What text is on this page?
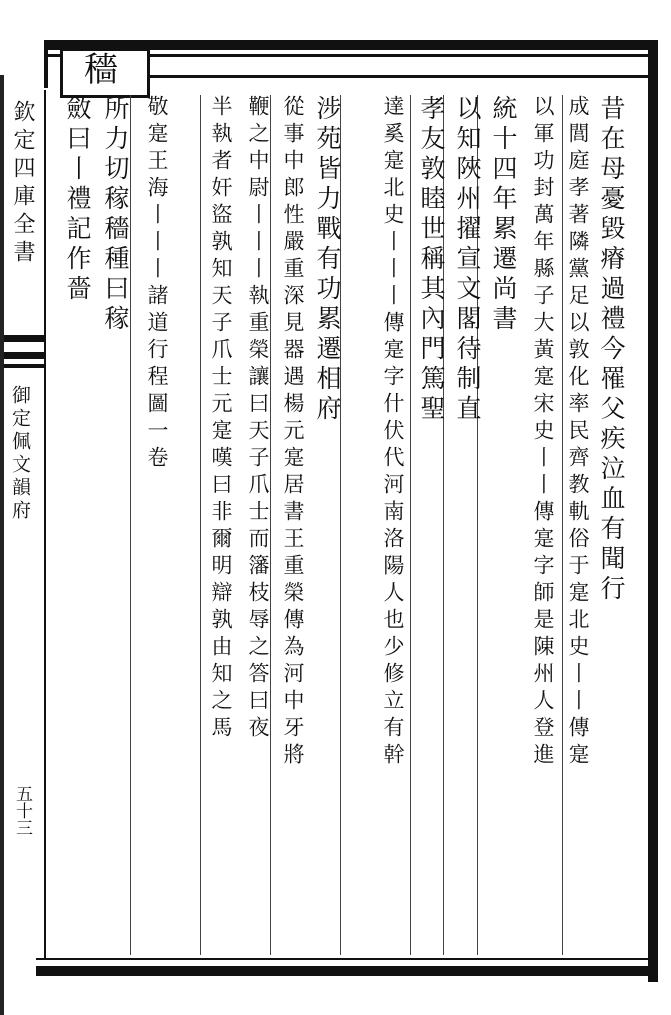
穡
欽定四庫全書
御定佩文韻府
五十三
昔在母憂毀瘠過禮今罹父疾泣血有聞行
成閭庭孝著隣黨足以敦化率民齊教軌俗于寔北史丨丨傳寔
以軍功封萬年縣子大黃寔宋史丨丨傳寔字師是陳州人登進
統十四年累遷尚書
以知陜州擢宣文閣待制直
孝友敦睦世稱其內門篤聖
達奚寔北史丨丨丨傳寔字什伏代河南洛陽人也少修立有幹
涉苑皆力戰有功累遷相府
從事中郎性嚴重深見器遇楊元寔居書王重榮傳為河中牙將
鞭之中尉丨丨丨執重榮讓曰天子爪士而籓枝辱之答曰夜
半執者奸盜孰知天子爪士元寔嘆曰非爾明辯孰由知之馬
敬寔王海丨丨丨諸道行程圖一卷
所力切稼穡種曰稼
斂曰丨禮記作嗇
